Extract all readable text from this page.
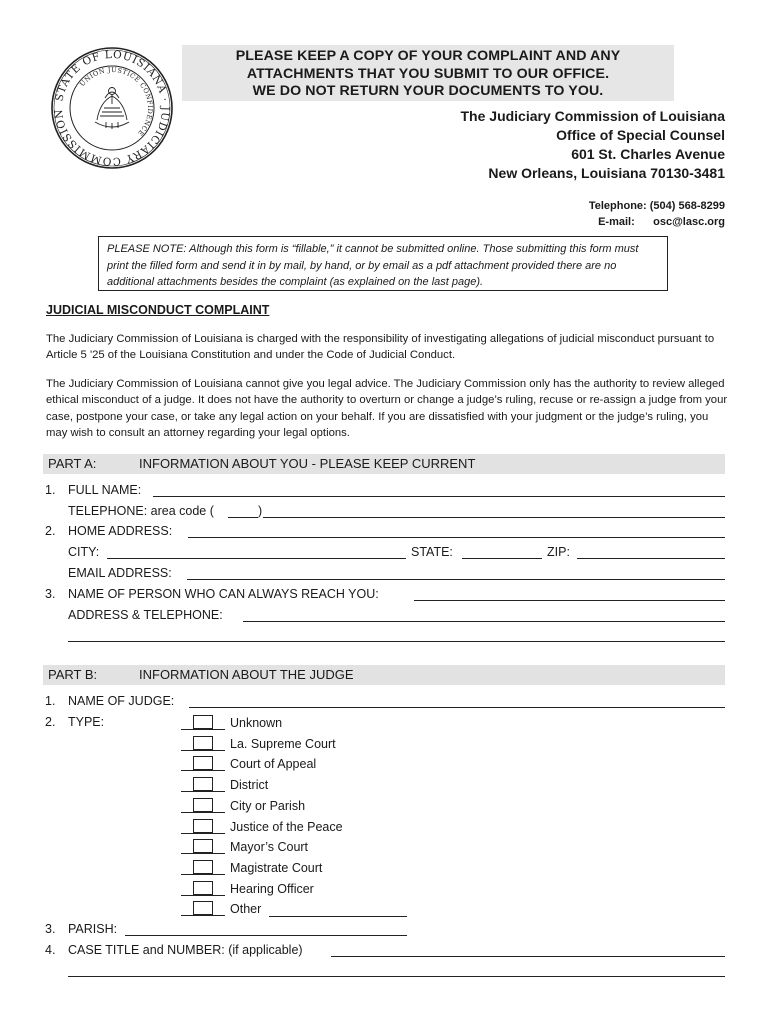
STATE OF LOUISIANA · JUDICIARY COMMISSION
UNION JUSTICE CONFIDENCE
PLEASE KEEP A COPY OF YOUR COMPLAINT AND ANY
ATTACHMENTS THAT YOU SUBMIT TO OUR OFFICE.
WE DO NOT RETURN YOUR DOCUMENTS TO YOU.
The Judiciary Commission of Louisiana
Office of Special Counsel
601 St. Charles Avenue
New Orleans, Louisiana 70130-3481
Telephone: (504) 568-8299
E-mail: osc@lasc.org
PLEASE NOTE: Although this form is “fillable,” it cannot be submitted online. Those submitting this form must print the filled form and send it in by mail, by hand, or by email as a pdf attachment provided there are no additional attachments besides the complaint (as explained on the last page).
JUDICIAL MISCONDUCT COMPLAINT
The Judiciary Commission of Louisiana is charged with the responsibility of investigating allegations of judicial misconduct pursuant to Article 5 '25 of the Louisiana Constitution and under the Code of Judicial Conduct.
The Judiciary Commission of Louisiana cannot give you legal advice. The Judiciary Commission only has the authority to review alleged ethical misconduct of a judge. It does not have the authority to overturn or change a judge’s ruling, recuse or re-assign a judge from your case, postpone your case, or take any legal action on your behalf. If you are dissatisfied with your judgment or the judge’s ruling, you may wish to consult an attorney regarding your legal options.
PART A:	INFORMATION ABOUT YOU - PLEASE KEEP CURRENT
1. FULL NAME:
TELEPHONE: area code (	)
2. HOME ADDRESS:
CITY:	STATE:	ZIP:
EMAIL ADDRESS:
3. NAME OF PERSON WHO CAN ALWAYS REACH YOU:
ADDRESS & TELEPHONE:
PART B:	INFORMATION ABOUT THE JUDGE
1. NAME OF JUDGE:
2. TYPE:	Unknown
La. Supreme Court
Court of Appeal
District
City or Parish
Justice of the Peace
Mayor’s Court
Magistrate Court
Hearing Officer
Other
3. PARISH:
4. CASE TITLE and NUMBER: (if applicable)
